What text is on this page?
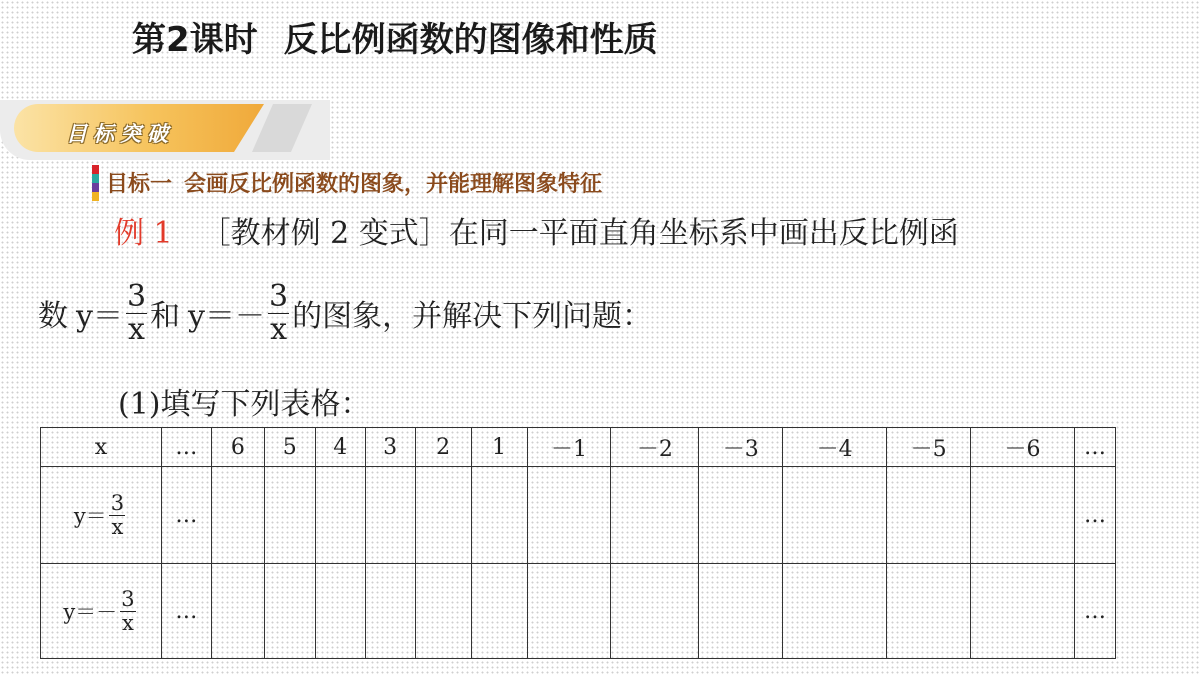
第2课时 反比例函数的图像和性质
目标突破
目标一 会画反比例函数的图象，并能理解图象特征
例 1 ［教材例 2 变式］在同一平面直角坐标系中画出反比例函
数 $y= \frac{3}{x}$ 和 $y=- \frac{3}{x}$ 的图象，并解决下列问题：
(1)填写下列表格：
x	…	6	5	4	3	2	1	－1	－2	－3	－4	－5	－6	…

$y= \frac{3}{x}$	…													…

$y=- \frac{3}{x}$	…													…
